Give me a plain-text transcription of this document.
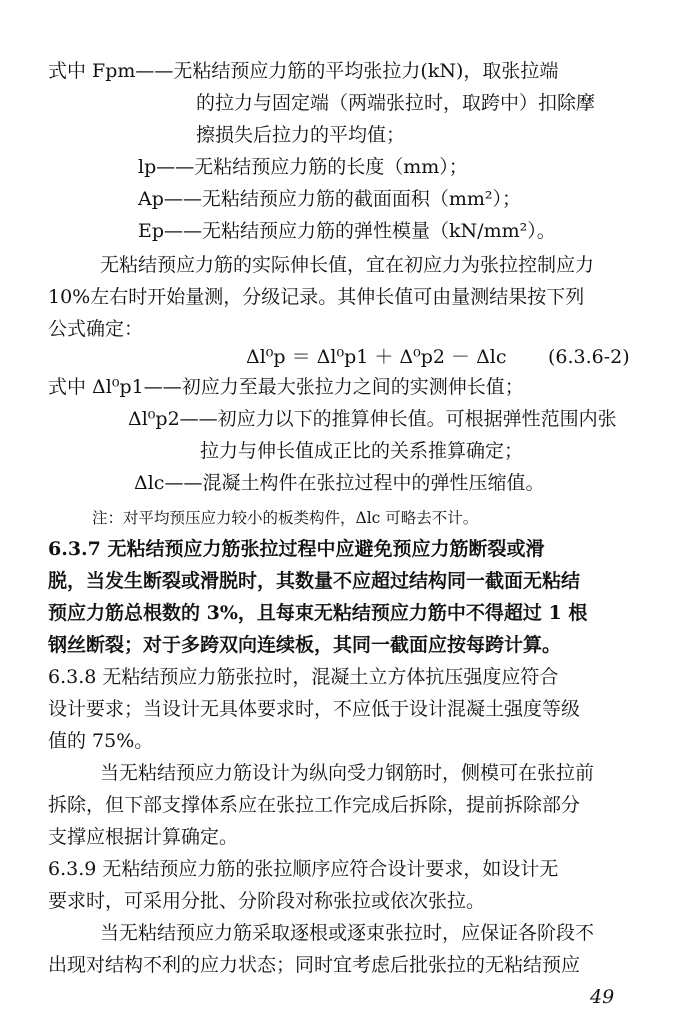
式中 Fpm——无粘结预应力筋的平均张拉力(kN)，取张拉端
的拉力与固定端（两端张拉时，取跨中）扣除摩
擦损失后拉力的平均值；
lp——无粘结预应力筋的长度（mm）；
Ap——无粘结预应力筋的截面面积（mm²）；
Ep——无粘结预应力筋的弹性模量（kN/mm²）。
无粘结预应力筋的实际伸长值，宜在初应力为张拉控制应力
10%左右时开始量测，分级记录。其伸长值可由量测结果按下列
公式确定：
Δl⁰p ＝ Δl⁰p1 ＋ Δ⁰p2 － Δlc (6.3.6-2)
式中 Δl⁰p1——初应力至最大张拉力之间的实测伸长值；
Δl⁰p2——初应力以下的推算伸长值。可根据弹性范围内张
拉力与伸长值成正比的关系推算确定；
Δlc——混凝土构件在张拉过程中的弹性压缩值。
注：对平均预压应力较小的板类构件，Δlc 可略去不计。
6.3.7 无粘结预应力筋张拉过程中应避免预应力筋断裂或滑
脱，当发生断裂或滑脱时，其数量不应超过结构同一截面无粘结
预应力筋总根数的 3%，且每束无粘结预应力筋中不得超过 1 根
钢丝断裂；对于多跨双向连续板，其同一截面应按每跨计算。
6.3.8 无粘结预应力筋张拉时，混凝土立方体抗压强度应符合
设计要求；当设计无具体要求时，不应低于设计混凝土强度等级
值的 75%。
当无粘结预应力筋设计为纵向受力钢筋时，侧模可在张拉前
拆除，但下部支撑体系应在张拉工作完成后拆除，提前拆除部分
支撑应根据计算确定。
6.3.9 无粘结预应力筋的张拉顺序应符合设计要求，如设计无
要求时，可采用分批、分阶段对称张拉或依次张拉。
当无粘结预应力筋采取逐根或逐束张拉时，应保证各阶段不
出现对结构不利的应力状态；同时宜考虑后批张拉的无粘结预应
49
